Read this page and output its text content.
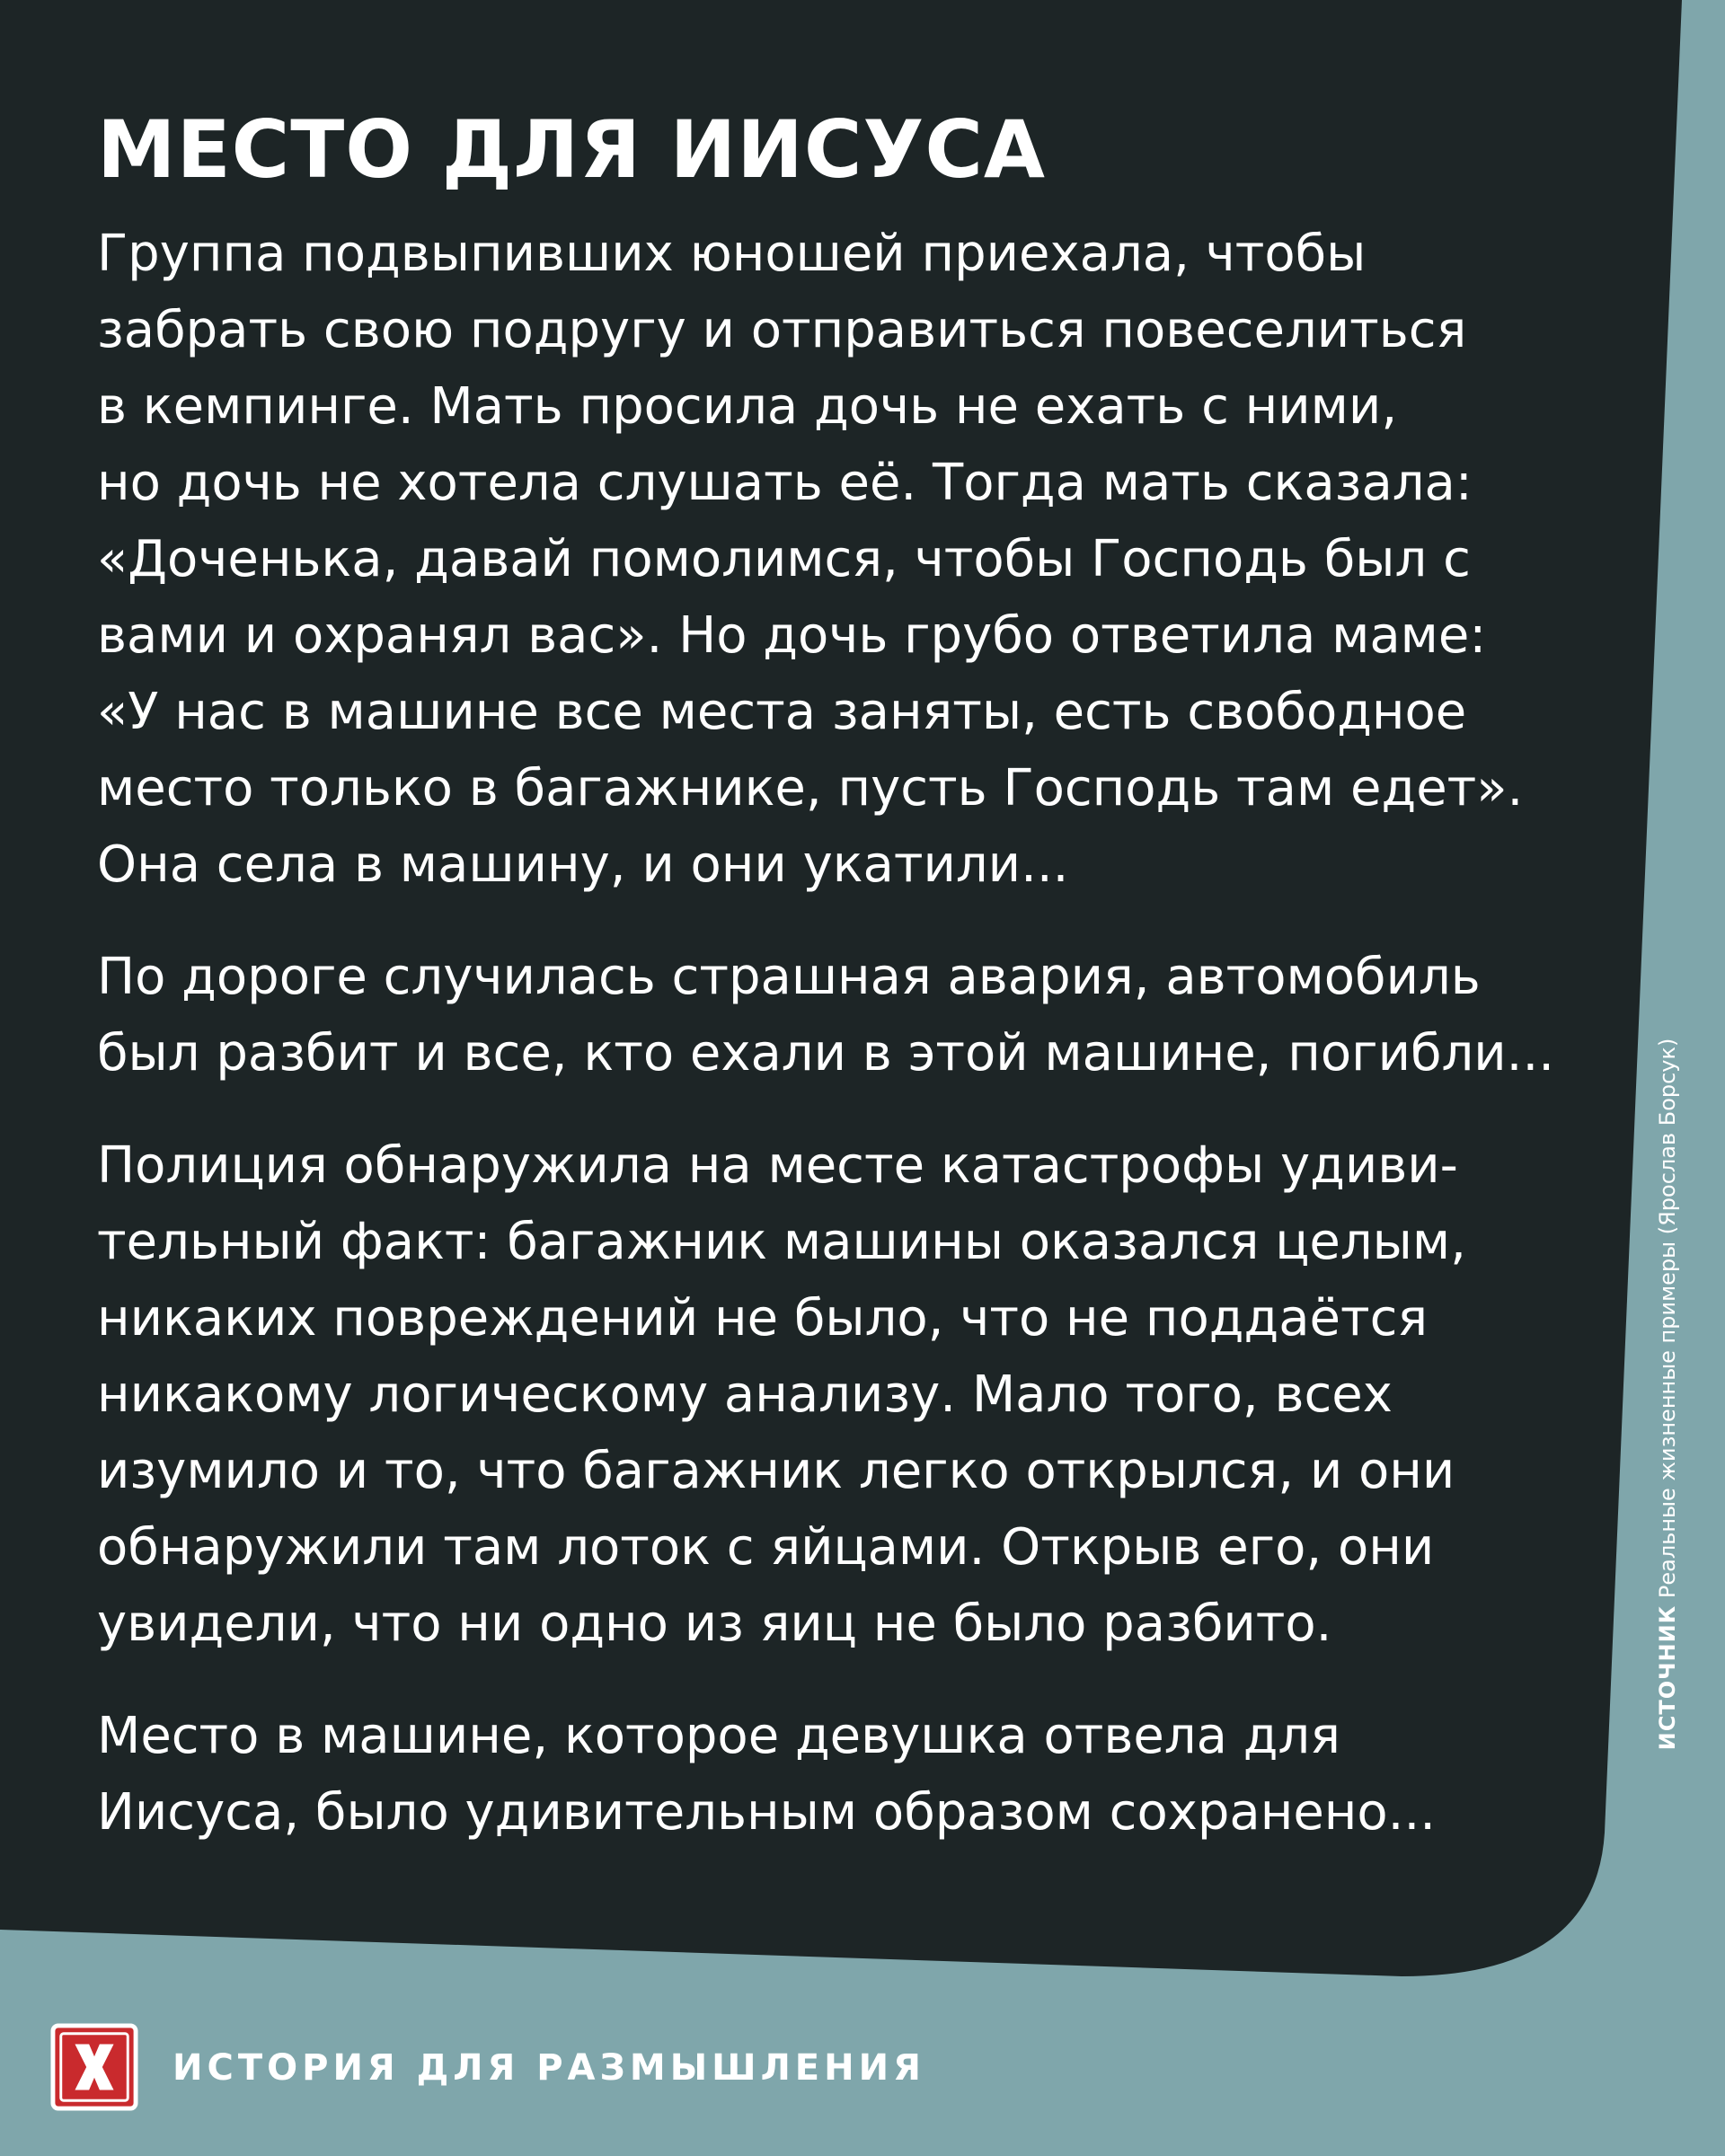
МЕСТО ДЛЯ ИИСУСА

Группа подвыпивших юношей приехала, чтобы
забрать свою подругу и отправиться повеселиться
в кемпинге. Мать просила дочь не ехать с ними,
но дочь не хотела слушать её. Тогда мать сказала:
«Доченька, давай помолимся, чтобы Господь был с
вами и охранял вас». Но дочь грубо ответила маме:
«У нас в машине все места заняты, есть свободное
место только в багажнике, пусть Господь там едет».
Она села в машину, и они укатили...

По дороге случилась страшная авария, автомобиль
был разбит и все, кто ехали в этой машине, погибли...

Полиция обнаружила на месте катастрофы удиви-
тельный факт: багажник машины оказался целым,
никаких повреждений не было, что не поддаётся
никакому логическому анализу. Мало того, всех
изумило и то, что багажник легко открылся, и они
обнаружили там лоток с яйцами. Открыв его, они
увидели, что ни одно из яиц не было разбито.

Место в машине, которое девушка отвела для
Иисуса, было удивительным образом сохранено...

ИСТОЧНИК Реальные жизненные примеры (Ярослав Борсук)
ИСТОРИЯ ДЛЯ РАЗМЫШЛЕНИЯ
